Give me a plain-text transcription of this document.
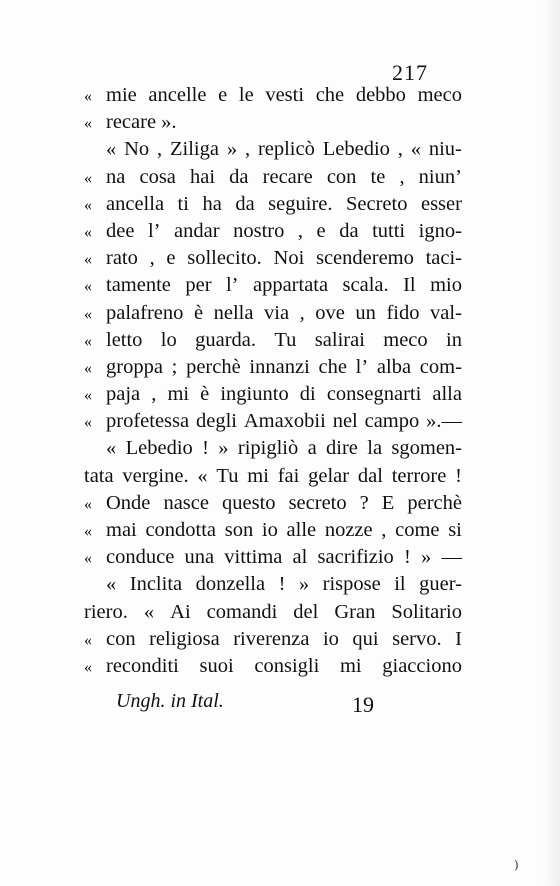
217
« mie ancelle e le vesti che debbo meco
« recare ».
« No , Ziliga » , replicò Lebedio , « niu-
« na cosa hai da recare con te , niun’
« ancella ti ha da seguire. Secreto esser
« dee l’ andar nostro , e da tutti igno-
« rato , e sollecito. Noi scenderemo taci-
« tamente per l’ appartata scala. Il mio
« palafreno è nella via , ove un fido val-
« letto lo guarda. Tu salirai meco in
« groppa ; perchè innanzi che l’ alba com-
« paja , mi è ingiunto di consegnarti alla
« profetessa degli Amaxobii nel campo ».—
« Lebedio ! » ripigliò a dire la sgomen-
tata vergine. « Tu mi fai gelar dal terrore !
« Onde nasce questo secreto ? E perchè
« mai condotta son io alle nozze , come si
« conduce una vittima al sacrifizio ! » —
« Inclita donzella ! » rispose il guer-
riero. « Ai comandi del Gran Solitario
« con religiosa riverenza io qui servo. I
« reconditi suoi consigli mi giacciono
Ungh. in Ital.	19
)
